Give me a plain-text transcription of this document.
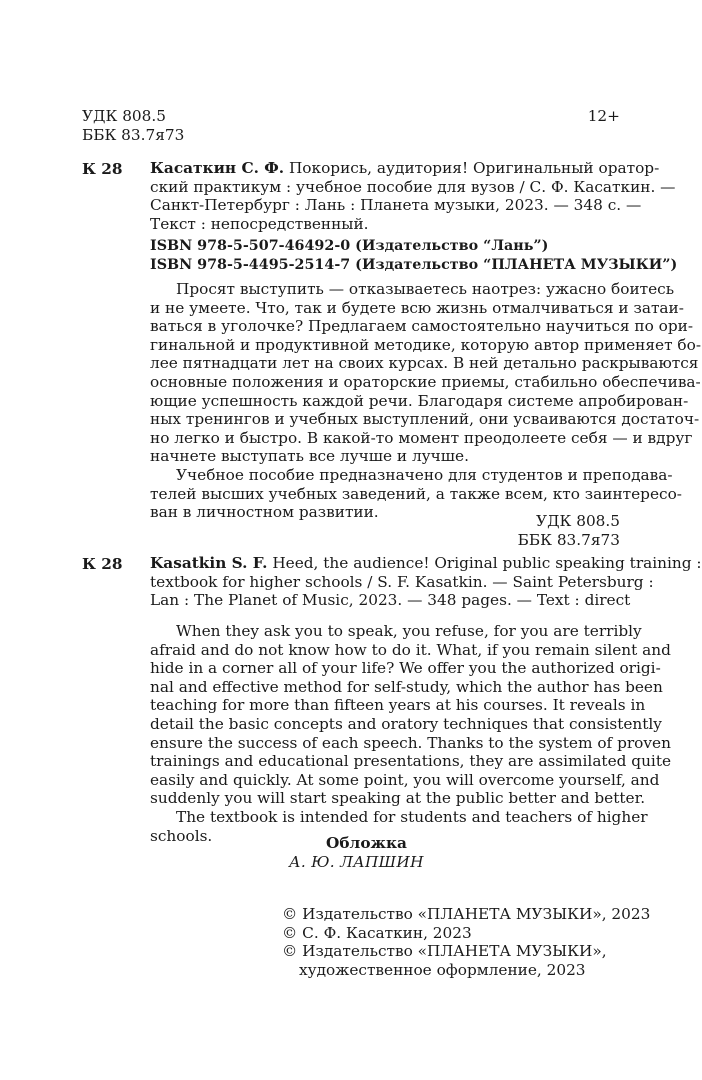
УДК 808.5
ББК 83.7я73
12+
К 28 Касаткин С. Ф. Покорись, аудитория! Оригинальный оратор-
ский практикум : учебное пособие для вузов / С. Ф. Касаткин. —
Санкт-Петербург : Лань : Планета музыки, 2023. — 348 с. —
Текст : непосредственный.
ISBN 978-5-507-46492-0 (Издательство “Лань”)
ISBN 978-5-4495-2514-7 (Издательство “ПЛАНЕТА МУЗЫКИ”)
Просят выступить — отказываетесь наотрез: ужасно боитесь
и не умеете. Что, так и будете всю жизнь отмалчиваться и затаи-
ваться в уголочке? Предлагаем самостоятельно научиться по ори-
гинальной и продуктивной методике, которую автор применяет бо-
лее пятнадцати лет на своих курсах. В ней детально раскрываются
основные положения и ораторские приемы, стабильно обеспечива-
ющие успешность каждой речи. Благодаря системе апробирован-
ных тренингов и учебных выступлений, они усваиваются достаточ-
но легко и быстро. В какой-то момент преодолеете себя — и вдруг
начнете выступать все лучше и лучше.
Учебное пособие предназначено для студентов и преподава-
телей высших учебных заведений, а также всем, кто заинтересо-
ван в личностном развитии.	УДК 808.5
ББК 83.7я73
К 28 Kasatkin S. F. Heed, the audience! Original public speaking training :
textbook for higher schools / S. F. Kasatkin. — Saint Petersburg :
Lan : The Planet of Music, 2023. — 348 pages. — Text : direct
When they ask you to speak, you refuse, for you are terribly
afraid and do not know how to do it. What, if you remain silent and
hide in a corner all of your life? We offer you the authorized origi-
nal and effective method for self-study, which the author has been
teaching for more than fifteen years at his courses. It reveals in
detail the basic concepts and oratory techniques that consistently
ensure the success of each speech. Thanks to the system of proven
trainings and educational presentations, they are assimilated quite
easily and quickly. At some point, you will overcome yourself, and
suddenly you will start speaking at the public better and better.
The textbook is intended for students and teachers of higher
schools.	Обложка
А. Ю. ЛАПШИН
© Издательство «ПЛАНЕТА МУЗЫКИ», 2023
© С. Ф. Касаткин, 2023
© Издательство «ПЛАНЕТА МУЗЫКИ»,
художественное оформление, 2023
